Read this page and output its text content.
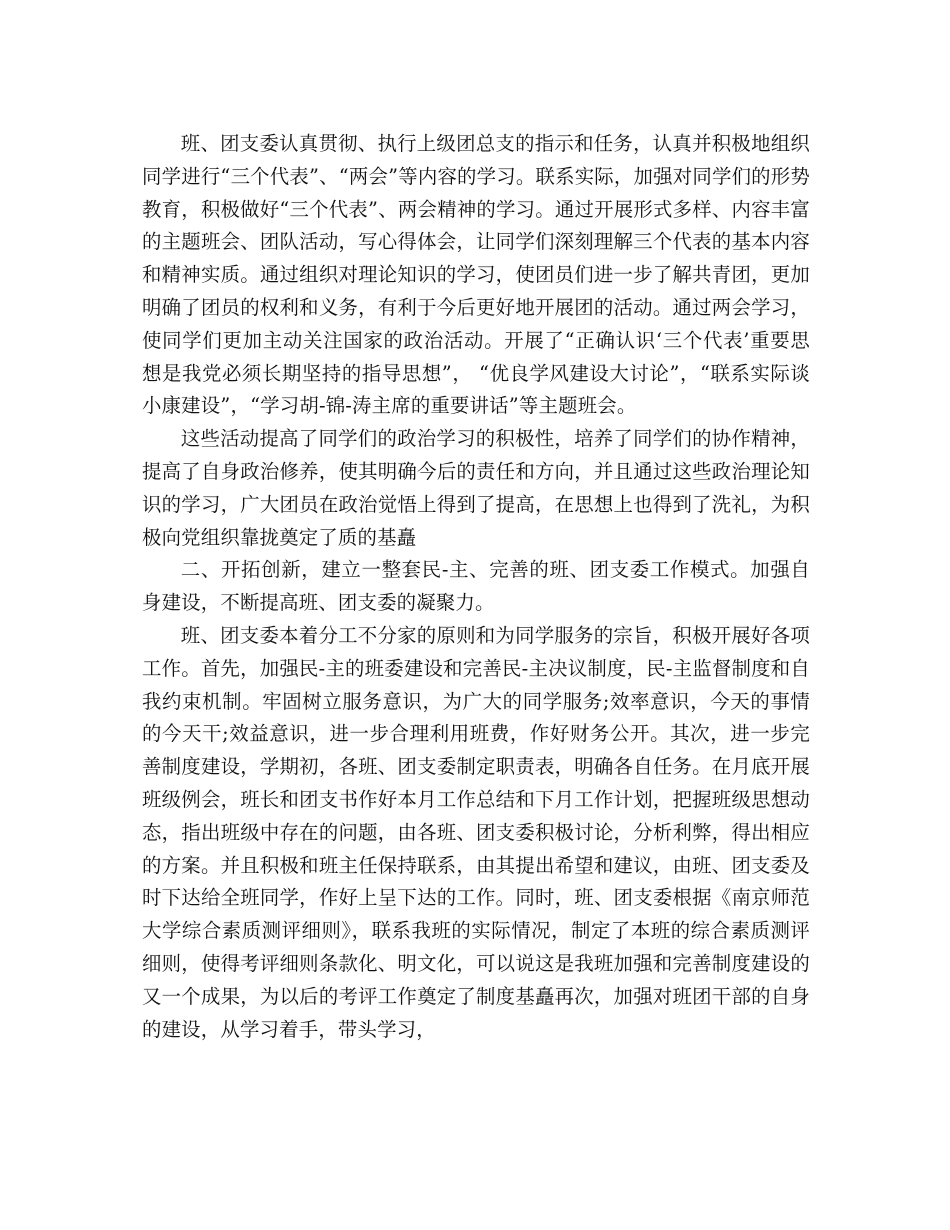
班、团支委认真贯彻、执行上级团总支的指示和任务，认真并积极地组织同学进行“三个代表”、“两会”等内容的学习。联系实际，加强对同学们的形势教育，积极做好“三个代表”、两会精神的学习。通过开展形式多样、内容丰富的主题班会、团队活动，写心得体会，让同学们深刻理解三个代表的基本内容和精神实质。通过组织对理论知识的学习，使团员们进一步了解共青团，更加明确了团员的权利和义务，有利于今后更好地开展团的活动。通过两会学习，使同学们更加主动关注国家的政治活动。开展了“正确认识‘三个代表’重要思想是我党必须长期坚持的指导思想”， “优良学风建设大讨论”，“联系实际谈小康建设”，“学习胡-锦-涛主席的重要讲话”等主题班会。

这些活动提高了同学们的政治学习的积极性，培养了同学们的协作精神，提高了自身政治修养，使其明确今后的责任和方向，并且通过这些政治理论知识的学习，广大团员在政治觉悟上得到了提高，在思想上也得到了洗礼，为积极向党组织靠拢奠定了质的基矗

二、开拓创新，建立一整套民-主、完善的班、团支委工作模式。加强自身建设，不断提高班、团支委的凝聚力。

班、团支委本着分工不分家的原则和为同学服务的宗旨，积极开展好各项工作。首先，加强民-主的班委建设和完善民-主决议制度，民-主监督制度和自我约束机制。牢固树立服务意识，为广大的同学服务;效率意识，今天的事情的今天干;效益意识，进一步合理利用班费，作好财务公开。其次，进一步完善制度建设，学期初，各班、团支委制定职责表，明确各自任务。在月底开展班级例会，班长和团支书作好本月工作总结和下月工作计划，把握班级思想动态，指出班级中存在的问题，由各班、团支委积极讨论，分析利弊，得出相应的方案。并且积极和班主任保持联系，由其提出希望和建议，由班、团支委及时下达给全班同学，作好上呈下达的工作。同时，班、团支委根据《南京师范大学综合素质测评细则》，联系我班的实际情况，制定了本班的综合素质测评细则，使得考评细则条款化、明文化，可以说这是我班加强和完善制度建设的又一个成果，为以后的考评工作奠定了制度基矗再次，加强对班团干部的自身的建设，从学习着手，带头学习，
